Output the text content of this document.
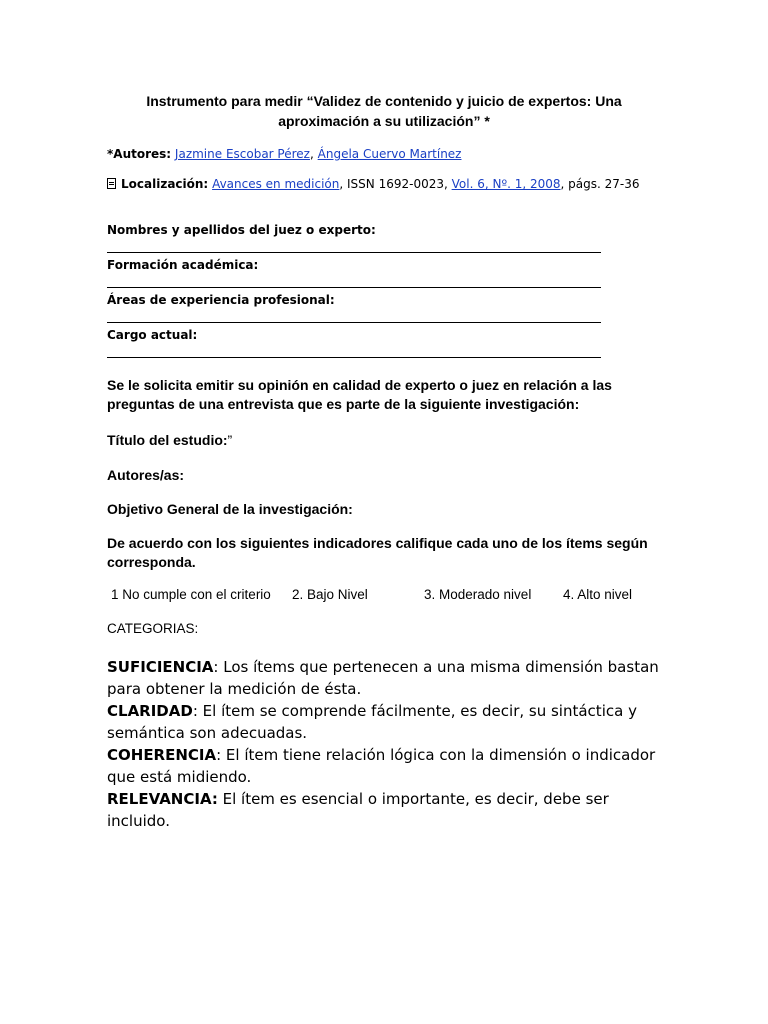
Instrumento para medir “Validez de contenido y juicio de expertos: Una
aproximación a su utilización” *
*Autores: Jazmine Escobar Pérez, Ángela Cuervo Martínez
Localización: Avances en medición, ISSN 1692-0023, Vol. 6, Nº. 1, 2008, págs. 27-36
Nombres y apellidos del juez o experto:
Formación académica:
Áreas de experiencia profesional:
Cargo actual:
Se le solicita emitir su opinión en calidad de experto o juez en relación a las preguntas de una entrevista que es parte de la siguiente investigación:
Título del estudio:”
Autores/as:
Objetivo General de la investigación:
De acuerdo con los siguientes indicadores califique cada uno de los ítems según corresponda.
1 No cumple con el criterio 2. Bajo Nivel	3. Moderado nivel 4. Alto nivel
CATEGORIAS:

SUFICIENCIA: Los ítems que pertenecen a una misma dimensión bastan para obtener la medición de ésta.

CLARIDAD: El ítem se comprende fácilmente, es decir, su sintáctica y semántica son adecuadas.

COHERENCIA: El ítem tiene relación lógica con la dimensión o indicador que está midiendo.

RELEVANCIA: El ítem es esencial o importante, es decir, debe ser incluido.
